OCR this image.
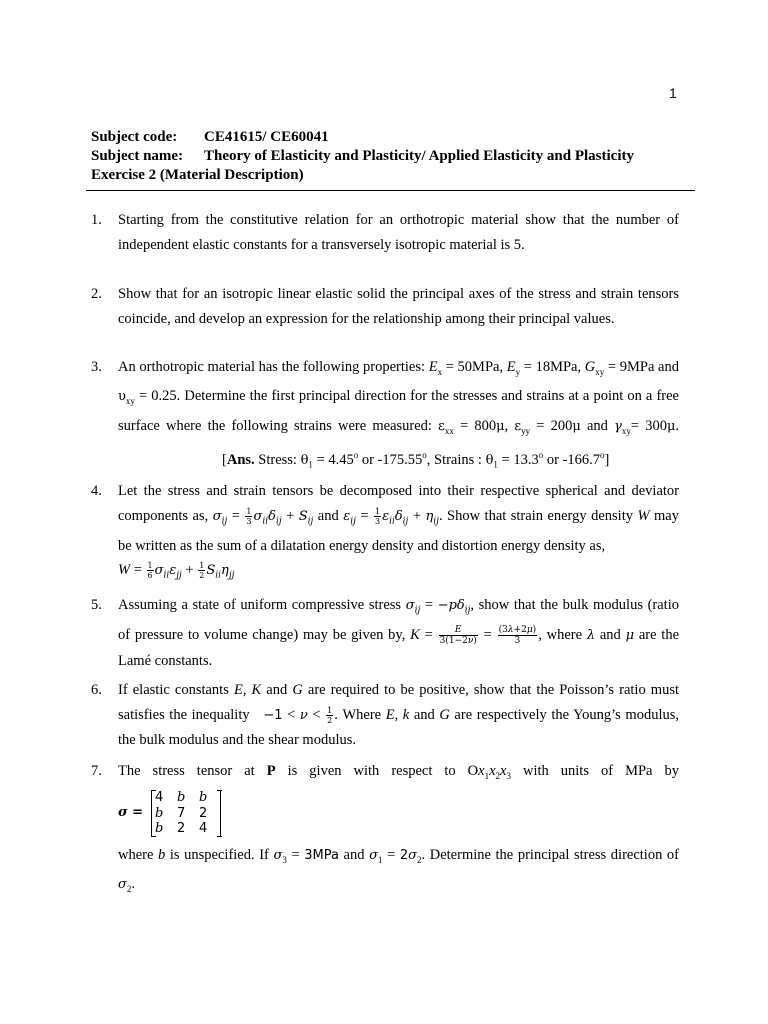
1
Subject code: CE41615/ CE60041
Subject name: Theory of Elasticity and Plasticity/ Applied Elasticity and Plasticity
Exercise 2 (Material Description)
1. Starting from the constitutive relation for an orthotropic material show that the number of independent elastic constants for a transversely isotropic material is 5.
2. Show that for an isotropic linear elastic solid the principal axes of the stress and strain tensors coincide, and develop an expression for the relationship among their principal values.
3. An orthotropic material has the following properties: $E_x = 50MPa$, $E_y = 18MPa$, $G_{xy} = 9MPa$ and $\upsilon_{xy} = 0.25$. Determine the first principal direction for the stresses and strains at a point on a free surface where the following strains were measured: $\varepsilon_{xx} = 800\mu$, $\varepsilon_{yy} = 200\mu$ and $\gamma_{xy}= 300\mu.[Ans$. Stress: $\theta_1 = 4.45^o$ or -175.55$^o$, Strains : $\theta_1 = 13.3^o$ or -166.7$^o$]
4. Let the stress and strain tensors be decomposed into their respective spherical and deviator components as, $\sigma_{ij} = \frac{1}{3} \sigma_{ii}\delta_{ij} + S_{ij}$ and $\varepsilon_{ij} = \frac{1}{3} \varepsilon_{ii}\delta_{ij} + \eta_{ij}$. Show that strain energy density W may be written as the sum of a dilatation energy density and distortion energy density as,
$W = \frac{1}{6} \sigma_{ii}\varepsilon_{jj} + \frac{1}{2} S_{ii}\eta_{jj}$
5. Assuming a state of uniform compressive stress $\sigma_{ij} = -p\delta_{ij}$, show that the bulk modulus (ratio of pressure to volume change) may be given by, $K = \frac{E}{3(1-2\nu)} = \frac{(3\lambda+2\mu)}{3}$ , where λ and μ are the Lamé constants.
6. If elastic constants E, K and G are required to be positive, show that the Poisson’s ratio must satisfies the inequality   $-1 < \nu < \frac{1}{2}$ . Where E, k and G are respectively the Young’s modulus, the bulk modulus and the shear modulus.
7. The stress tensor at P is given with respect to $Ox_1x_2x_3$ with units of MPa by
σ =
4	b	b
b	7	2
b	2	4
where b is unspecified. If $\sigma_3 = 3MPa$ and $\sigma_1 = 2\sigma_2$. Determine the principal stress direction of $\sigma_2$.
